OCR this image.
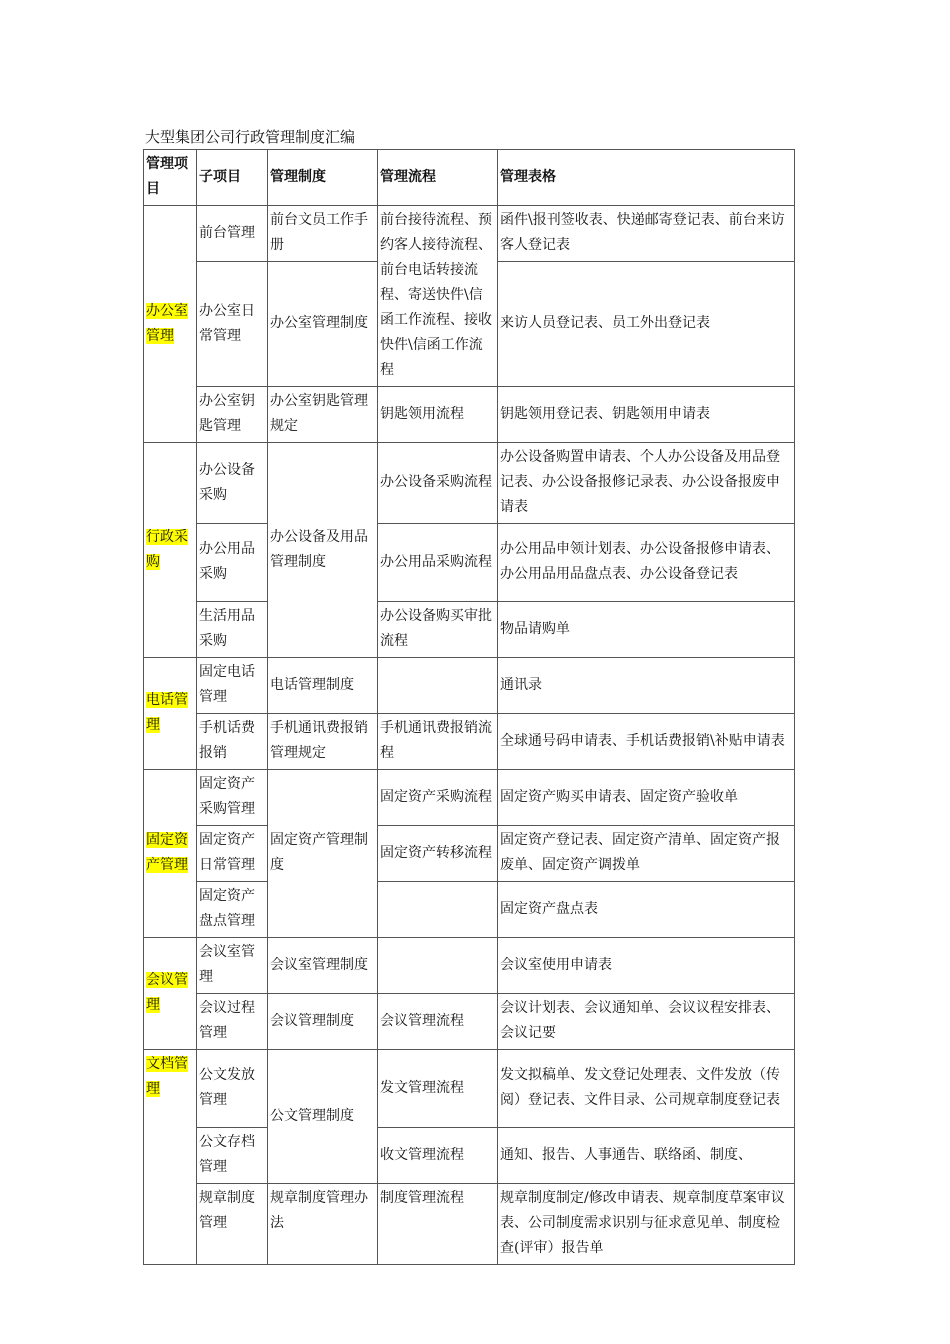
大型集团公司行政管理制度汇编
管理项目	子项目	管理制度	管理流程	管理表格
办公室管理	前台管理	前台文员工作手册	前台接待流程、预约客人接待流程、前台电话转接流程、寄送快件\信函工作流程、接收快件\信函工作流程	函件\报刊签收表、快递邮寄登记表、前台来访客人登记表
	办公室日常管理	办公室管理制度		来访人员登记表、员工外出登记表
	办公室钥匙管理	办公室钥匙管理规定	钥匙领用流程	钥匙领用登记表、钥匙领用申请表
行政采购	办公设备采购	办公设备及用品管理制度	办公设备采购流程	办公设备购置申请表、个人办公设备及用品登记表、办公设备报修记录表、办公设备报废申请表
	办公用品采购		办公用品采购流程	办公用品申领计划表、办公设备报修申请表、办公用品用品盘点表、办公设备登记表
	生活用品采购		办公设备购买审批流程	物品请购单
电话管理	固定电话管理	电话管理制度		通讯录
	手机话费报销	手机通讯费报销管理规定	手机通讯费报销流程	全球通号码申请表、手机话费报销\补贴申请表
固定资产管理	固定资产采购管理	固定资产管理制度	固定资产采购流程	固定资产购买申请表、固定资产验收单
	固定资产日常管理		固定资产转移流程	固定资产登记表、固定资产清单、固定资产报废单、固定资产调拨单
	固定资产盘点管理			固定资产盘点表
会议管理	会议室管理	会议室管理制度		会议室使用申请表
	会议过程管理	会议管理制度	会议管理流程	会议计划表、会议通知单、会议议程安排表、会议记要
文档管理	公文发放管理	公文管理制度	发文管理流程	发文拟稿单、发文登记处理表、文件发放（传阅）登记表、文件目录、公司规章制度登记表
	公文存档管理		收文管理流程	通知、报告、人事通告、联络函、制度、
	规章制度管理	规章制度管理办法	制度管理流程	规章制度制定/修改申请表、规章制度草案审议表、公司制度需求识别与征求意见单、制度检查(评审）报告单
